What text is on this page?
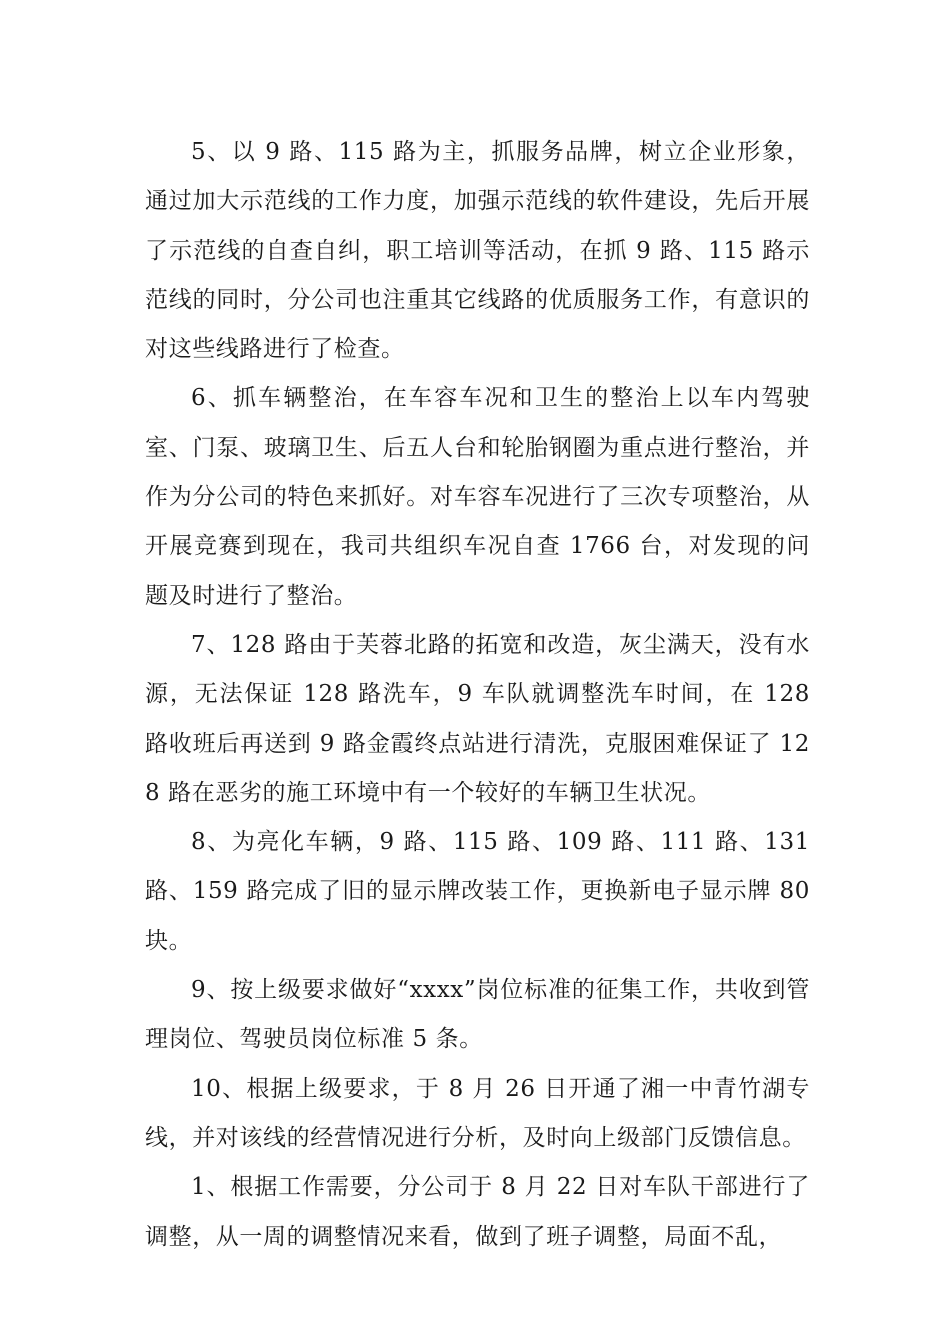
5、以 9 路、115 路为主，抓服务品牌，树立企业形象，通过加大示范线的工作力度，加强示范线的软件建设，先后开展了示范线的自查自纠，职工培训等活动，在抓 9 路、115 路示范线的同时，分公司也注重其它线路的优质服务工作，有意识的对这些线路进行了检查。

6、抓车辆整治，在车容车况和卫生的整治上以车内驾驶室、门泵、玻璃卫生、后五人台和轮胎钢圈为重点进行整治，并作为分公司的特色来抓好。对车容车况进行了三次专项整治，从开展竞赛到现在，我司共组织车况自查 1766 台，对发现的问题及时进行了整治。

7、128 路由于芙蓉北路的拓宽和改造，灰尘满天，没有水源，无法保证 128 路洗车，9 车队就调整洗车时间，在 128 路收班后再送到 9 路金霞终点站进行清洗，克服困难保证了 128 路在恶劣的施工环境中有一个较好的车辆卫生状况。

8、为亮化车辆，9 路、115 路、109 路、111 路、131 路、159 路完成了旧的显示牌改装工作，更换新电子显示牌 80 块。

9、按上级要求做好“xxxx”岗位标准的征集工作，共收到管理岗位、驾驶员岗位标准 5 条。

10、根据上级要求，于 8 月 26 日开通了湘一中青竹湖专线，并对该线的经营情况进行分析，及时向上级部门反馈信息。

1、根据工作需要，分公司于 8 月 22 日对车队干部进行了调整，从一周的调整情况来看，做到了班子调整，局面不乱，
